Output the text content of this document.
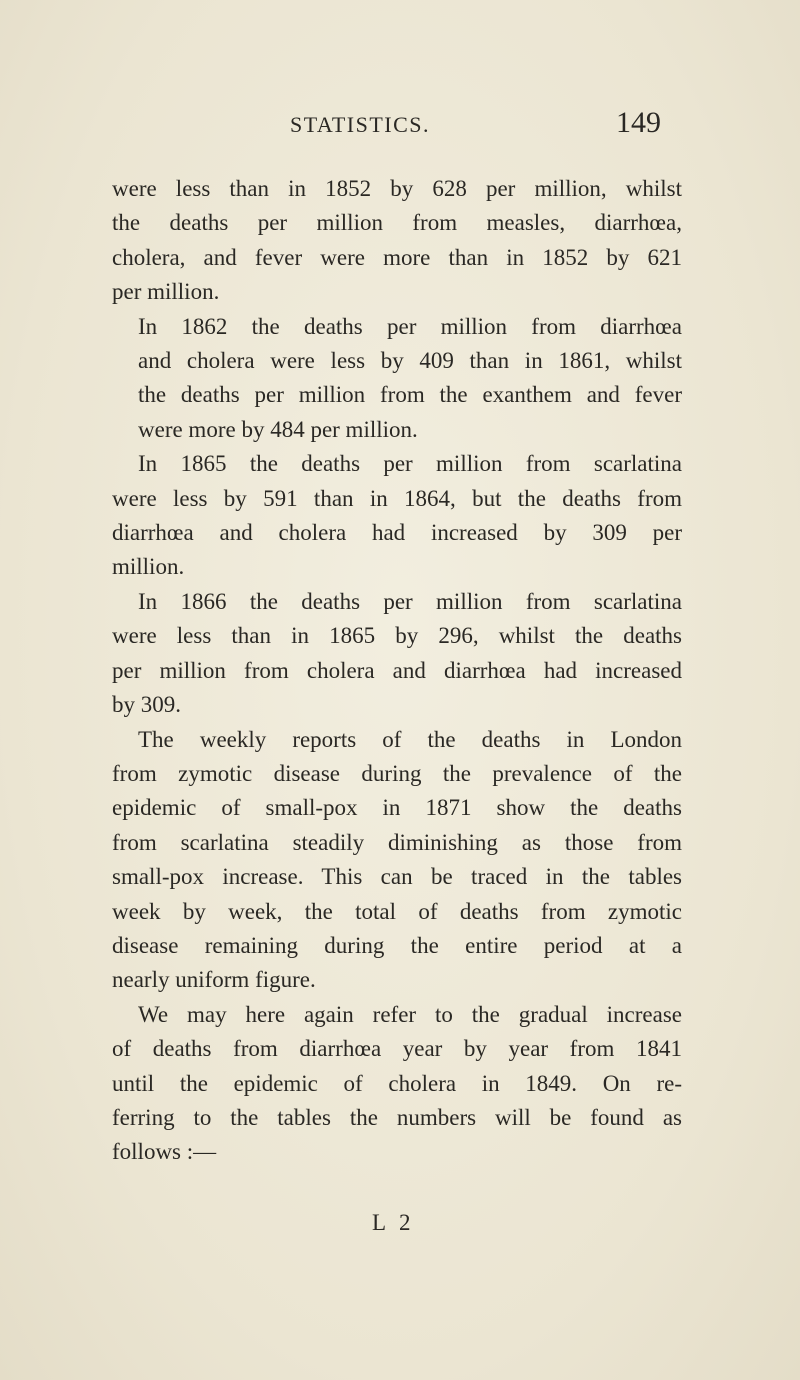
STATISTICS.	149

were less than in 1852 by 628 per million, whilst
the deaths per million from measles, diarrhœa,
cholera, and fever were more than in 1852 by 621
per million.

In 1862 the deaths per million from diarrhœa
and cholera were less by 409 than in 1861, whilst
the deaths per million from the exanthem and fever
were more by 484 per million.

In 1865 the deaths per million from scarlatina
were less by 591 than in 1864, but the deaths from
diarrhœa and cholera had increased by 309 per
million.

In 1866 the deaths per million from scarlatina
were less than in 1865 by 296, whilst the deaths
per million from cholera and diarrhœa had increased
by 309.

The weekly reports of the deaths in London
from zymotic disease during the prevalence of the
epidemic of small-pox in 1871 show the deaths
from scarlatina steadily diminishing as those from
small-pox increase. This can be traced in the tables
week by week, the total of deaths from zymotic
disease remaining during the entire period at a
nearly uniform figure.

We may here again refer to the gradual increase
of deaths from diarrhœa year by year from 1841
until the epidemic of cholera in 1849. On re-
ferring to the tables the numbers will be found as
follows :—

L 2
